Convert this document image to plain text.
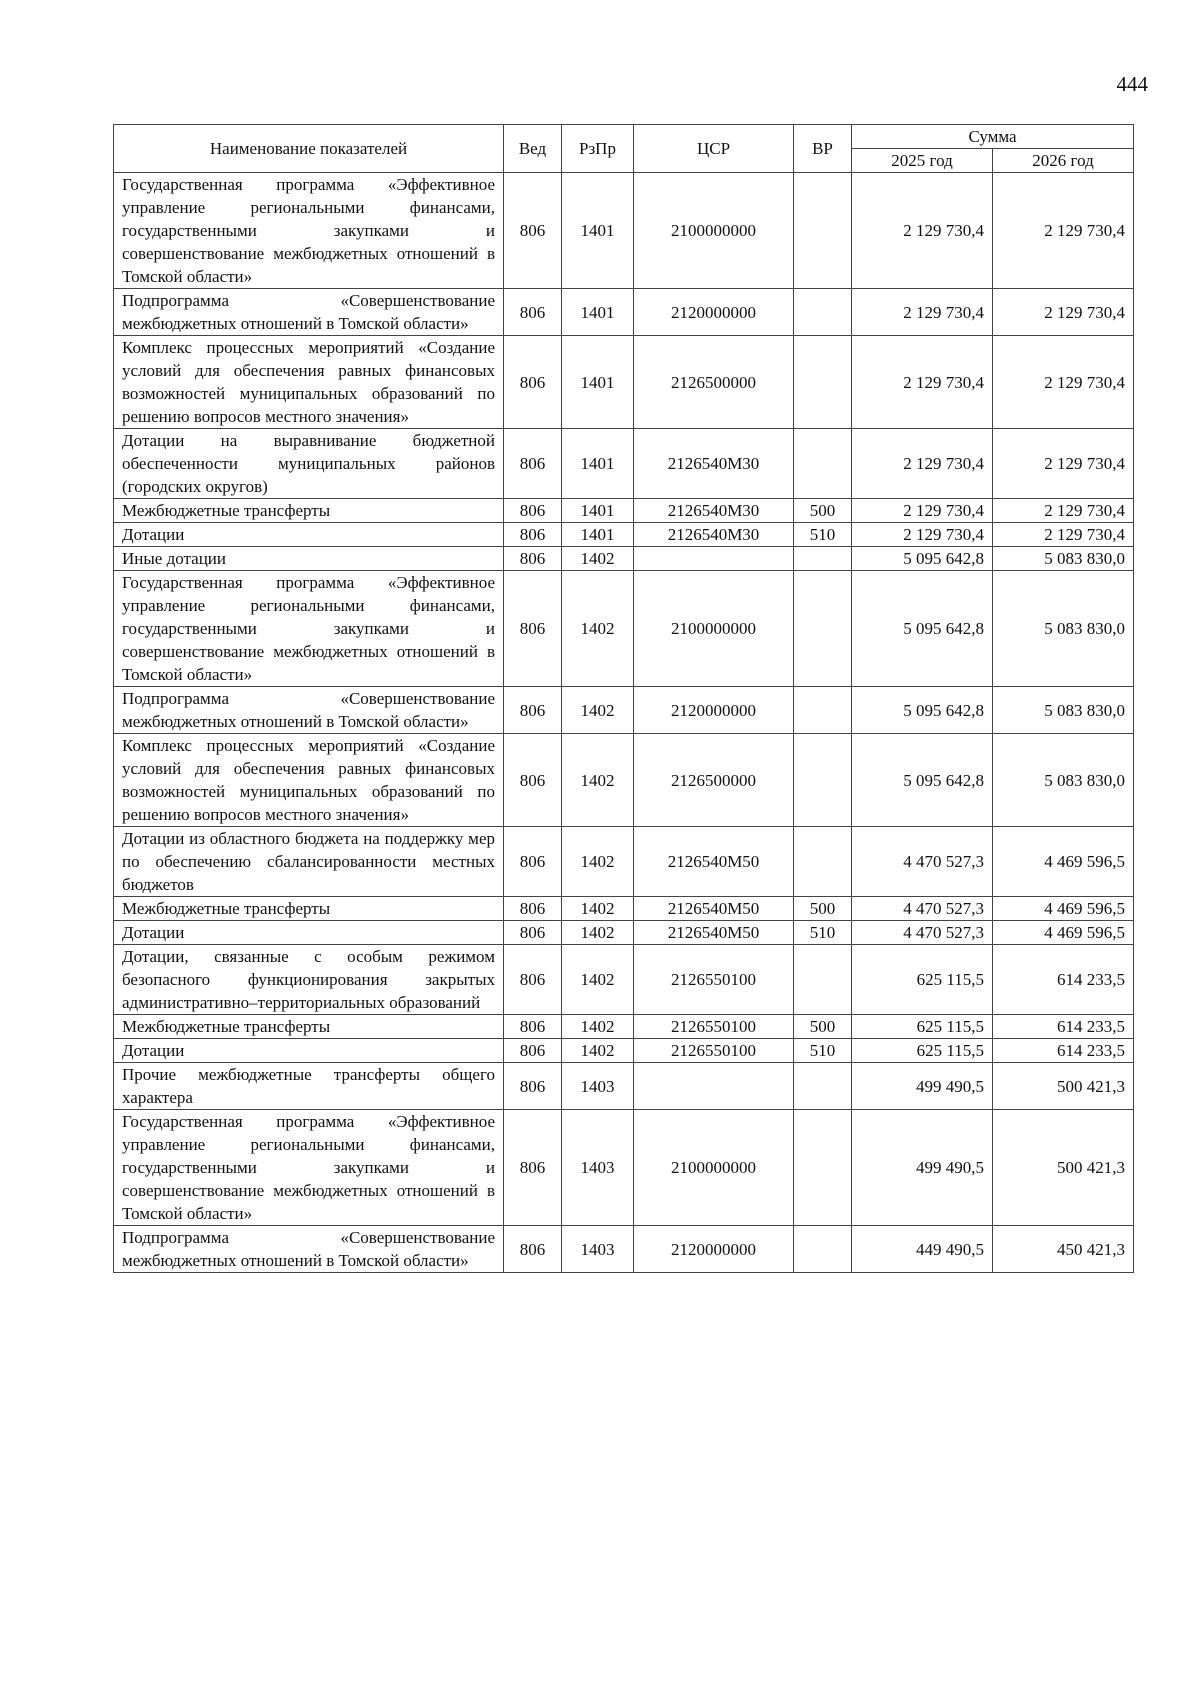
444
Наименование показателей	Вед	РзПр	ЦСР	ВР	Сумма	
					2025 год	2026 год
Государственная программа «Эффективное управление региональными финансами, государственными закупками и совершенствование межбюджетных отношений в Томской области»	806	1401	2100000000		2 129 730,4	2 129 730,4
Подпрограмма «Совершенствование межбюджетных отношений в Томской области»	806	1401	2120000000		2 129 730,4	2 129 730,4
Комплекс процессных мероприятий «Создание условий для обеспечения равных финансовых возможностей муниципальных образований по решению вопросов местного значения»	806	1401	2126500000		2 129 730,4	2 129 730,4
Дотации на выравнивание бюджетной обеспеченности муниципальных районов (городских округов)	806	1401	2126540М30		2 129 730,4	2 129 730,4
Межбюджетные трансферты	806	1401	2126540М30	500	2 129 730,4	2 129 730,4
Дотации	806	1401	2126540М30	510	2 129 730,4	2 129 730,4
Иные дотации	806	1402			5 095 642,8	5 083 830,0
Государственная программа «Эффективное управление региональными финансами, государственными закупками и совершенствование межбюджетных отношений в Томской области»	806	1402	2100000000		5 095 642,8	5 083 830,0
Подпрограмма «Совершенствование межбюджетных отношений в Томской области»	806	1402	2120000000		5 095 642,8	5 083 830,0
Комплекс процессных мероприятий «Создание условий для обеспечения равных финансовых возможностей муниципальных образований по решению вопросов местного значения»	806	1402	2126500000		5 095 642,8	5 083 830,0
Дотации из областного бюджета на поддержку мер по обеспечению сбалансированности местных бюджетов	806	1402	2126540М50		4 470 527,3	4 469 596,5
Межбюджетные трансферты	806	1402	2126540М50	500	4 470 527,3	4 469 596,5
Дотации	806	1402	2126540М50	510	4 470 527,3	4 469 596,5
Дотации, связанные с особым режимом безопасного функционирования закрытых административно–территориальных образований	806	1402	2126550100		625 115,5	614 233,5
Межбюджетные трансферты	806	1402	2126550100	500	625 115,5	614 233,5
Дотации	806	1402	2126550100	510	625 115,5	614 233,5
Прочие межбюджетные трансферты общего характера	806	1403			499 490,5	500 421,3
Государственная программа «Эффективное управление региональными финансами, государственными закупками и совершенствование межбюджетных отношений в Томской области»	806	1403	2100000000		499 490,5	500 421,3
Подпрограмма «Совершенствование межбюджетных отношений в Томской области»	806	1403	2120000000		449 490,5	450 421,3
